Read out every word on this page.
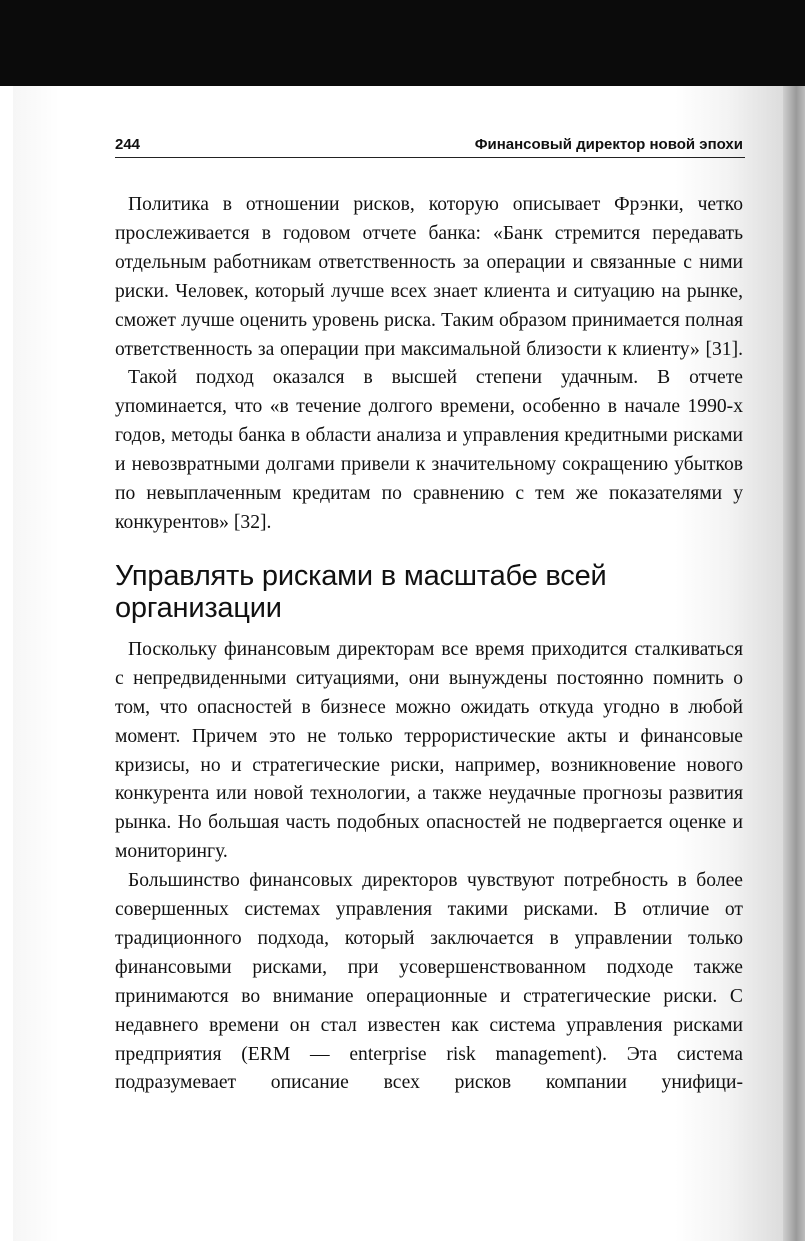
244	Финансовый директор новой эпохи

Политика в отношении рисков, которую описывает Фрэнки, четко прослеживается в годовом отчете банка: «Банк стремится передавать отдельным работникам ответственность за операции и связанные с ними риски. Человек, который лучше всех знает клиента и ситуацию на рынке, сможет лучше оценить уровень риска. Таким образом принимается полная ответственность за операции при максимальной близости к клиенту» [31].

Такой подход оказался в высшей степени удачным. В отчете упоминается, что «в течение долгого времени, особенно в начале 1990-х годов, методы банка в области анализа и управления кредитными рисками и невозвратными долгами привели к значительному сокращению убытков по невыплаченным кредитам по сравнению с тем же показателями у конкурентов» [32].

Управлять рисками в масштабе всей организации

Поскольку финансовым директорам все время приходится сталкиваться с непредвиденными ситуациями, они вынуждены постоянно помнить о том, что опасностей в бизнесе можно ожидать откуда угодно в любой момент. Причем это не только террористические акты и финансовые кризисы, но и стратегические риски, например, возникновение нового конкурента или новой технологии, а также неудачные прогнозы развития рынка. Но большая часть подобных опасностей не подвергается оценке и мониторингу.

Большинство финансовых директоров чувствуют потребность в более совершенных системах управления такими рисками. В отличие от традиционного подхода, который заключается в управлении только финансовыми рисками, при усовершенствованном подходе также принимаются во внимание операционные и стратегические риски. С недавнего времени он стал известен как система управления рисками предприятия (ERM — enterprise risk management). Эта система подразумевает описание всех рисков компании унифици-
